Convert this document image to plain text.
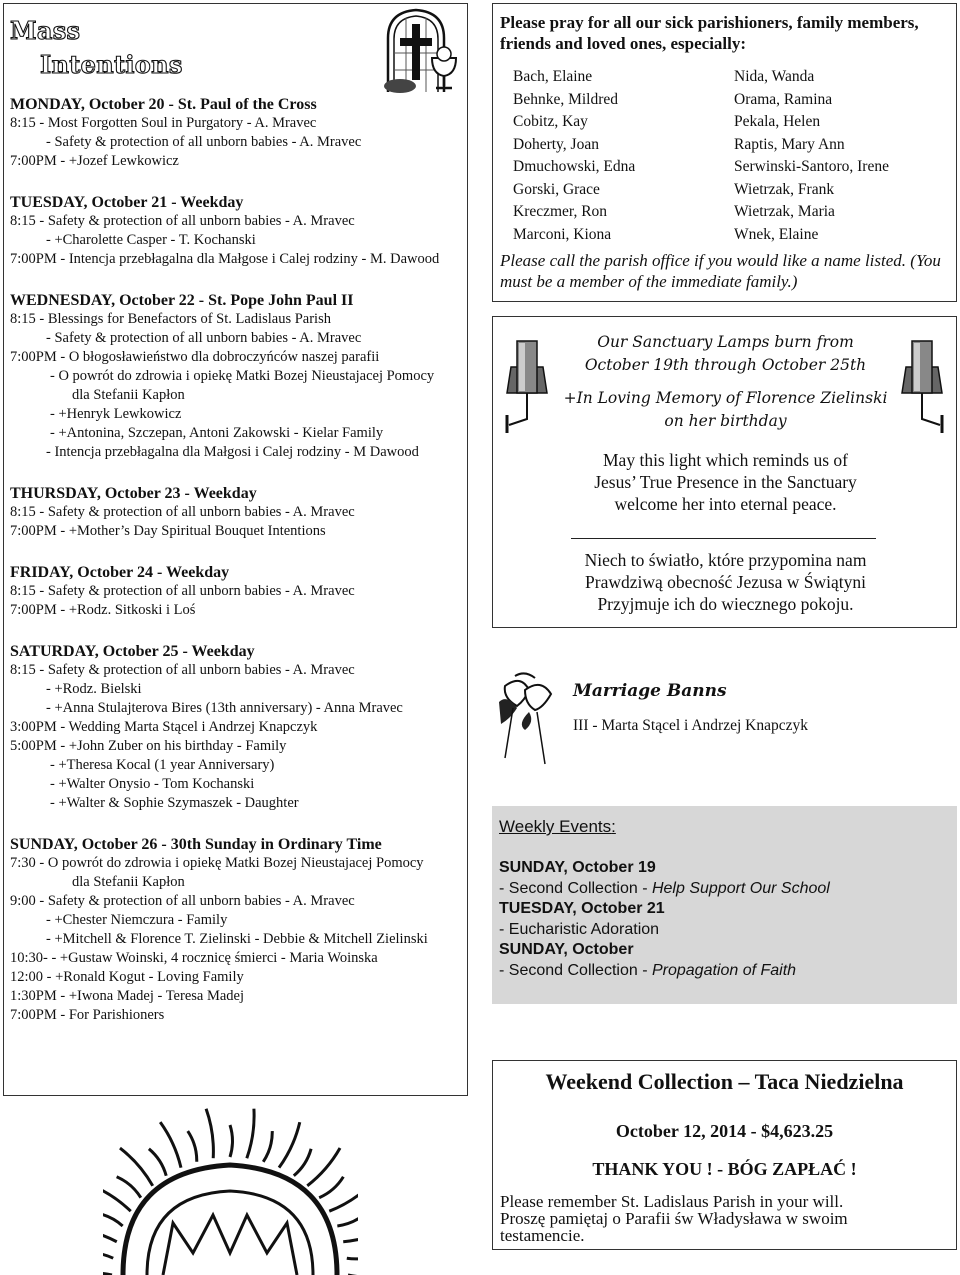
Mass
Intentions
MONDAY, October 20 - St. Paul of the Cross
8:15 - Most Forgotten Soul in Purgatory - A. Mravec
- Safety & protection of all unborn babies - A. Mravec
7:00PM - +Jozef Lewkowicz
TUESDAY, October 21 - Weekday
8:15 - Safety & protection of all unborn babies - A. Mravec
- +Charolette Casper - T. Kochanski
7:00PM - Intencja przebłagalna dla Małgose i Calej rodziny - M. Dawood
WEDNESDAY, October 22 - St. Pope John Paul II
8:15 - Blessings for Benefactors of St. Ladislaus Parish
- Safety & protection of all unborn babies - A. Mravec
7:00PM - O błogosławieństwo dla dobroczyńców naszej parafii
- O powrót do zdrowia i opiekę Matki Bozej Nieustajacej Pomocy
dla Stefanii Kapłon
- +Henryk Lewkowicz
- +Antonina, Szczepan, Antoni Zakowski - Kielar Family
- Intencja przebłagalna dla Małgosi i Calej rodziny - M Dawood
THURSDAY, October 23 - Weekday
8:15 - Safety & protection of all unborn babies - A. Mravec
7:00PM - +Mother’s Day Spiritual Bouquet Intentions
FRIDAY, October 24 - Weekday
8:15 - Safety & protection of all unborn babies - A. Mravec
7:00PM - +Rodz. Sitkoski i Loś
SATURDAY, October 25 - Weekday
8:15 - Safety & protection of all unborn babies - A. Mravec
- +Rodz. Bielski
- +Anna Stulajterova Bires (13th anniversary) - Anna Mravec
3:00PM - Wedding Marta Stącel i Andrzej Knapczyk
5:00PM - +John Zuber on his birthday - Family
- +Theresa Kocal (1 year Anniversary)
- +Walter Onysio - Tom Kochanski
- +Walter & Sophie Szymaszek - Daughter
SUNDAY, October 26 - 30th Sunday in Ordinary Time
7:30 - O powrót do zdrowia i opiekę Matki Bozej Nieustajacej Pomocy
dla Stefanii Kapłon
9:00 - Safety & protection of all unborn babies - A. Mravec
- +Chester Niemczura - Family
- +Mitchell & Florence T. Zielinski - Debbie & Mitchell Zielinski
10:30- - +Gustaw Woinski, 4 rocznicę śmierci - Maria Woinska
12:00 - +Ronald Kogut - Loving Family
1:30PM - +Iwona Madej - Teresa Madej
7:00PM - For Parishioners
Please pray for all our sick parishioners, family members, friends and loved ones, especially:
Bach, Elaine
Behnke, Mildred
Cobitz, Kay
Doherty, Joan
Dmuchowski, Edna
Gorski, Grace
Kreczmer, Ron
Marconi, Kiona
Nida, Wanda
Orama, Ramina
Pekala, Helen
Raptis, Mary Ann
Serwinski-Santoro, Irene
Wietrzak, Frank
Wietrzak, Maria
Wnek, Elaine
Please call the parish office if you would like a name listed. (You must be a member of the immediate family.)
Our Sanctuary Lamps burn from
October 19th through October 25th
+In Loving Memory of Florence Zielinski
on her birthday
May this light which reminds us of
Jesus’ True Presence in the Sanctuary
welcome her into eternal peace.
Niech to światło, które przypomina nam
Prawdziwą obecność Jezusa w Świątyni
Przyjmuje ich do wiecznego pokoju.
Marriage Banns
III - Marta Stącel i Andrzej Knapczyk
Weekly Events:
SUNDAY, October 19
- Second Collection - Help Support Our School
TUESDAY, October 21
- Eucharistic Adoration
SUNDAY, October
- Second Collection - Propagation of Faith
Weekend Collection – Taca Niedzielna
October 12, 2014 - $4,623.25
THANK YOU ! - BÓG ZAPŁAĆ !
Please remember St. Ladislaus Parish in your will.
Proszę pamiętaj o Parafii św Władysława w swoim
testamencie.
